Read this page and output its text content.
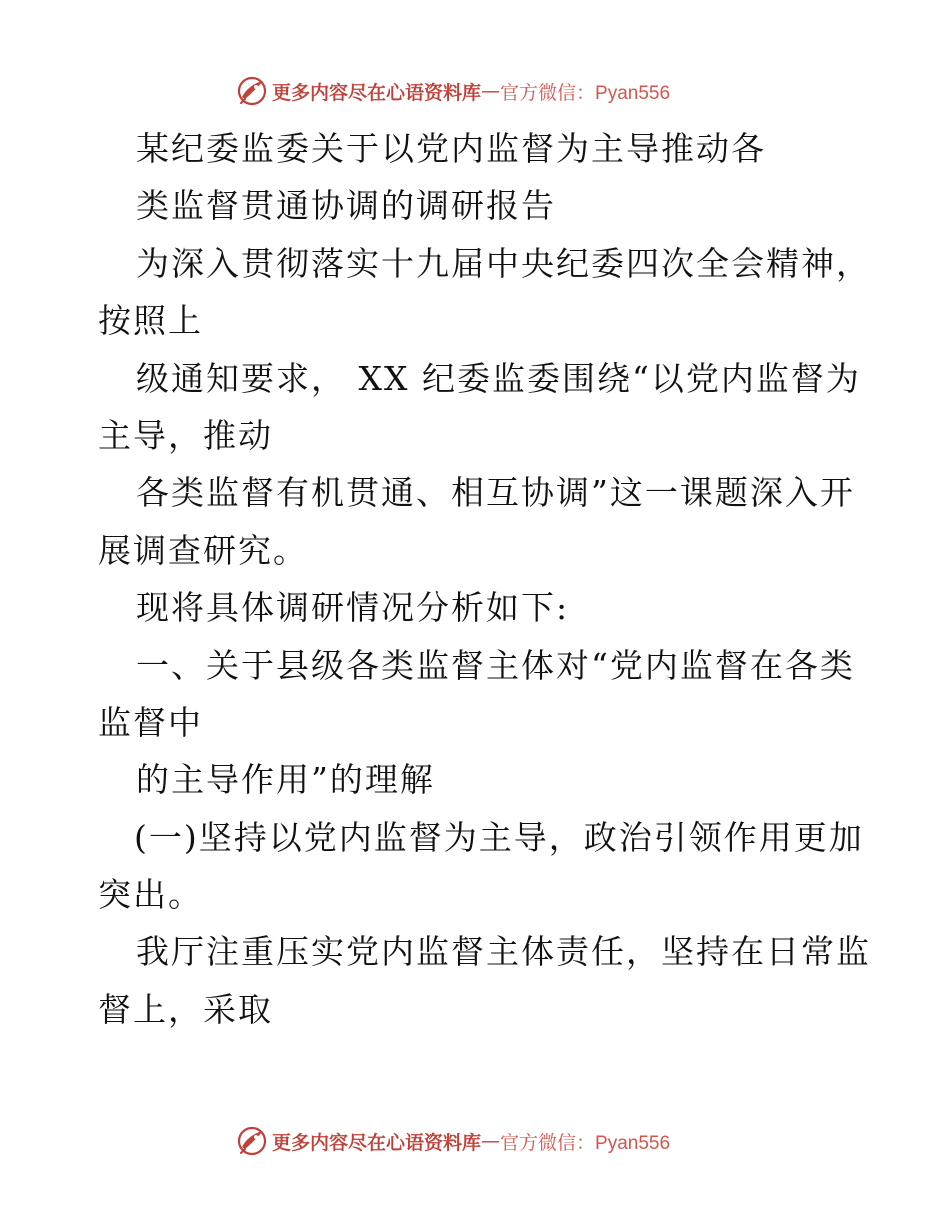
更多内容尽在心语资料库 — 官方微信：Pyan556
某纪委监委关于以党内监督为主导推动各
类监督贯通协调的调研报告
为深入贯彻落实十九届中央纪委四次全会精神，
按照上
级通知要求， XX 纪委监委围绕“以党内监督为
主导，推动
各类监督有机贯通、相互协调”这一课题深入开
展调查研究。
现将具体调研情况分析如下:
一、关于县级各类监督主体对“党内监督在各类
监督中
的主导作用”的理解
(一)坚持以党内监督为主导，政治引领作用更加
突出。
我厅注重压实党内监督主体责任，坚持在日常监
督上，采取
更多内容尽在心语资料库 — 官方微信：Pyan556
